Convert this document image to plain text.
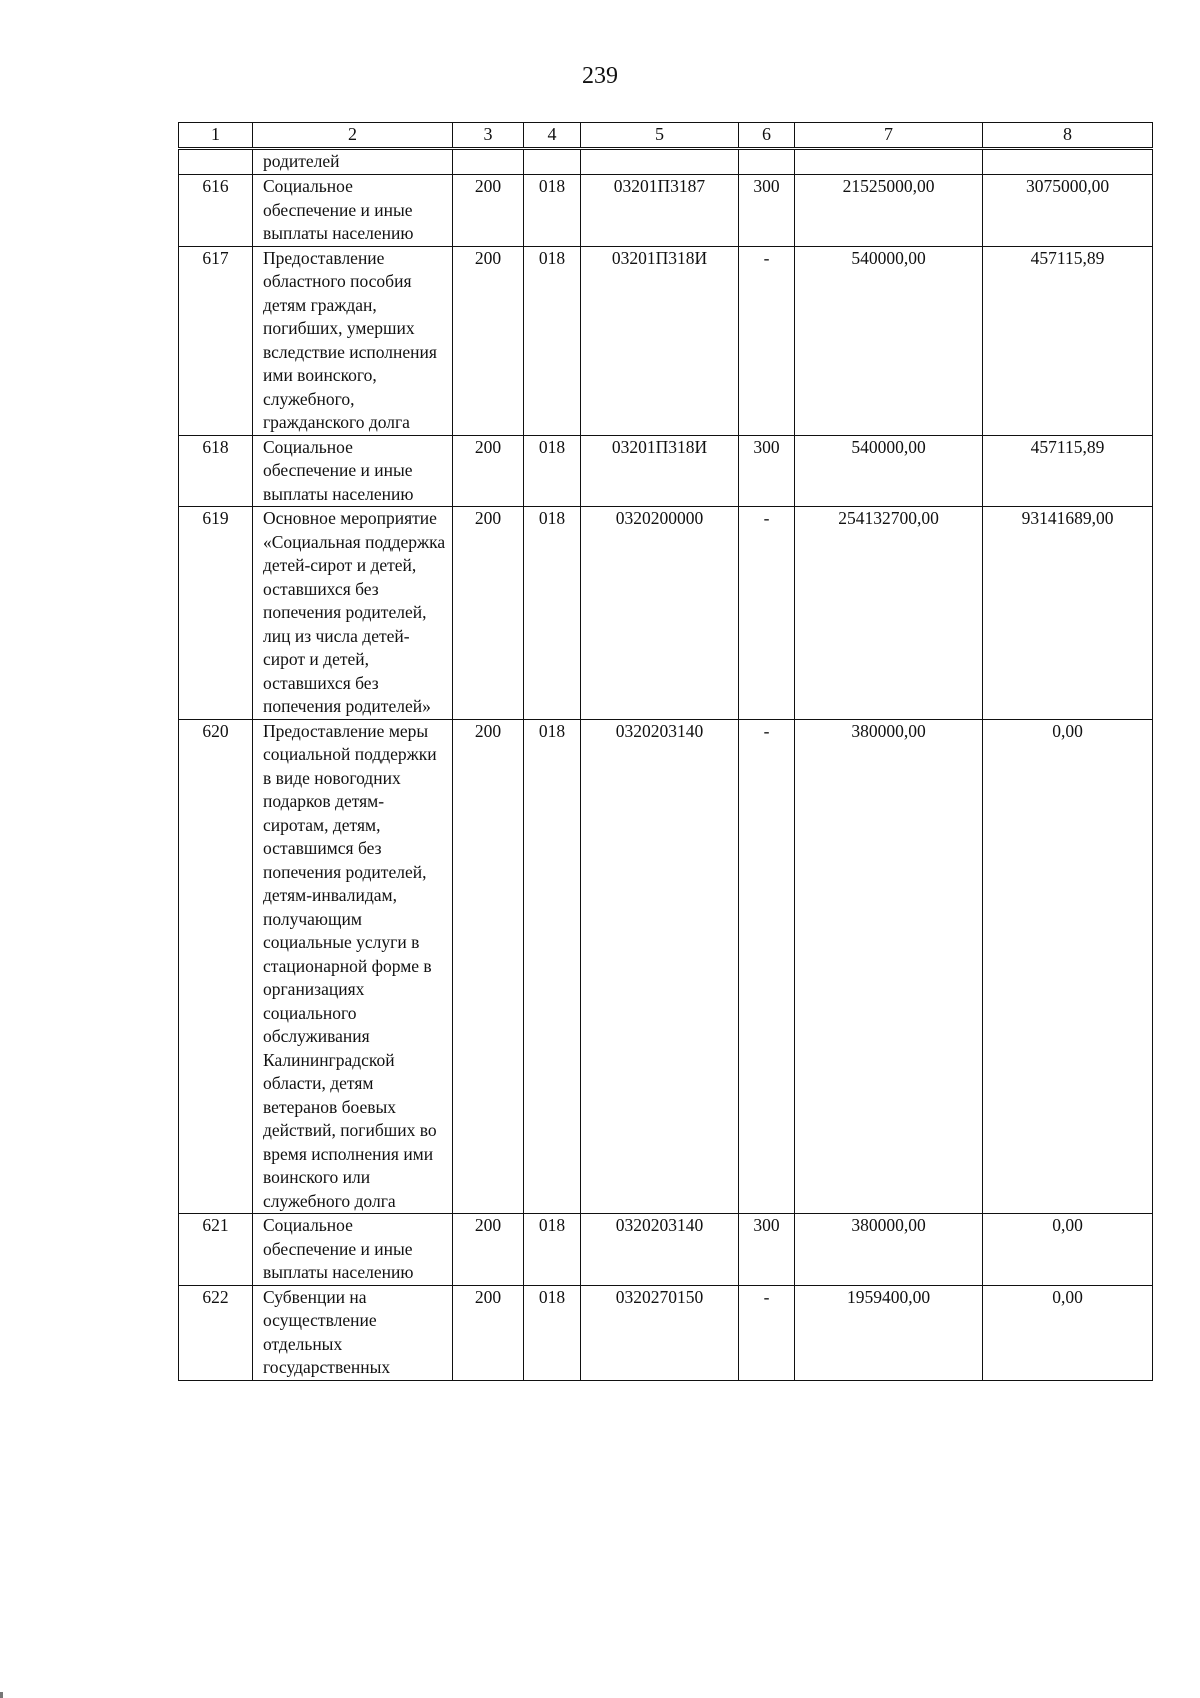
239
1	2	3	4	5	6	7	8
	родителей						
616	Социальное обеспечение и иные выплаты населению	200	018	03201П3187	300	21525000,00	3075000,00
617	Предоставление областного пособия детям граждан, погибших, умерших вследствие исполнения ими воинского, служебного, гражданского долга	200	018	03201П318И	-	540000,00	457115,89
618	Социальное обеспечение и иные выплаты населению	200	018	03201П318И	300	540000,00	457115,89
619	Основное мероприятие «Социальная поддержка детей-сирот и детей, оставшихся без попечения родителей, лиц из числа детей-сирот и детей, оставшихся без попечения родителей»	200	018	0320200000	-	254132700,00	93141689,00
620	Предоставление меры социальной поддержки в виде новогодних подарков детям-сиротам, детям, оставшимся без попечения родителей, детям-инвалидам, получающим социальные услуги в стационарной форме в организациях социального обслуживания Калининградской области, детям ветеранов боевых действий, погибших во время исполнения ими воинского или служебного долга	200	018	0320203140	-	380000,00	0,00
621	Социальное обеспечение и иные выплаты населению	200	018	0320203140	300	380000,00	0,00
622	Субвенции на осуществление отдельных государственных	200	018	0320270150	-	1959400,00	0,00
